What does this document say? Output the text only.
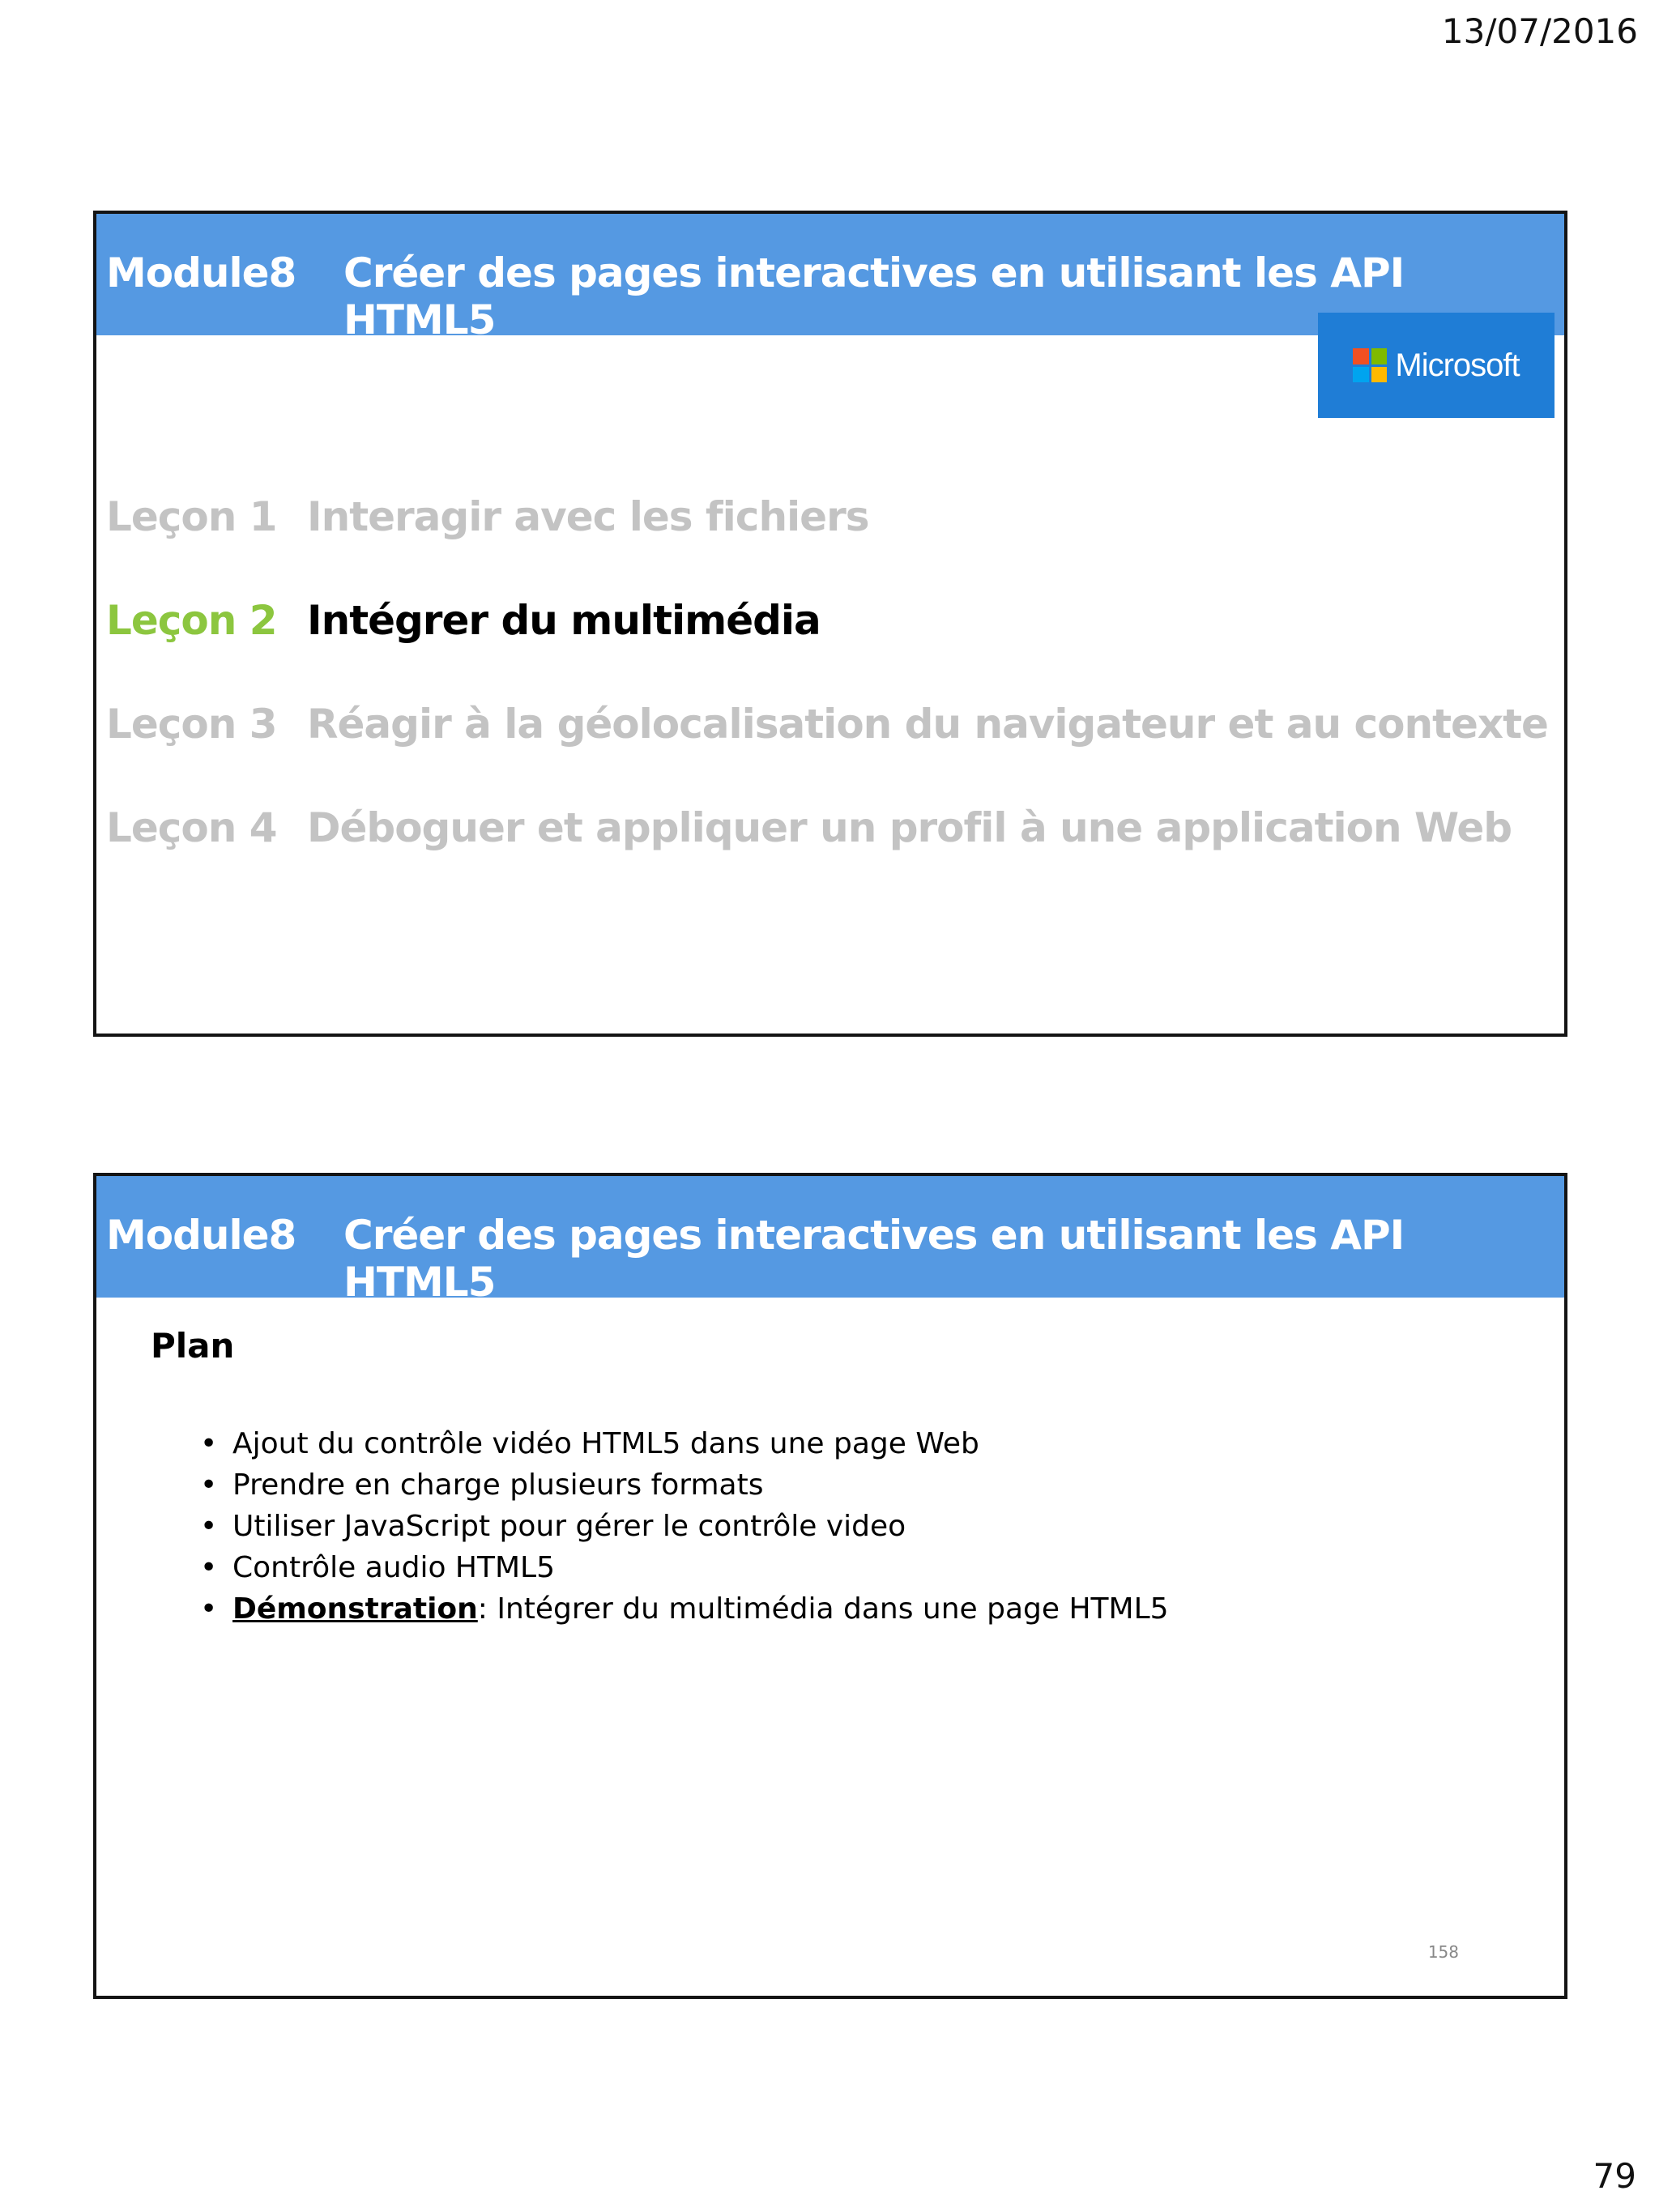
13/07/2016
Module8 Créer des pages interactives en utilisant les API HTML5
Microsoft
Leçon 1 Interagir avec les fichiers
Leçon 2 Intégrer du multimédia
Leçon 3 Réagir à la géolocalisation du navigateur et au contexte
Leçon 4 Déboguer et appliquer un profil à une application Web
Module8 Créer des pages interactives en utilisant les API HTML5
Plan
• Ajout du contrôle vidéo HTML5 dans une page Web
• Prendre en charge plusieurs formats
• Utiliser JavaScript pour gérer le contrôle video
• Contrôle audio HTML5
• Démonstration: Intégrer du multimédia dans une page HTML5
158
79
